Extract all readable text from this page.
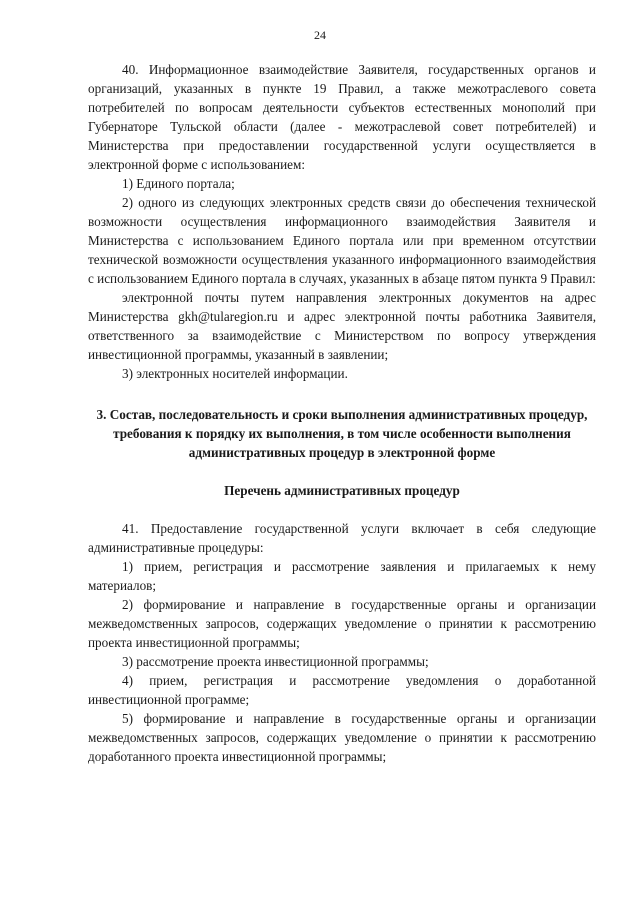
24

40. Информационное взаимодействие Заявителя, государственных органов и организаций, указанных в пункте 19 Правил, а также межотраслевого совета потребителей по вопросам деятельности субъектов естественных монополий при Губернаторе Тульской области (далее - межотраслевой совет потребителей) и Министерства при предоставлении государственной услуги осуществляется в электронной форме с использованием:

1) Единого портала;

2) одного из следующих электронных средств связи до обеспечения технической возможности осуществления информационного взаимодействия Заявителя и Министерства с использованием Единого портала или при временном отсутствии технической возможности осуществления указанного информационного взаимодействия с использованием Единого портала в случаях, указанных в абзаце пятом пункта 9 Правил:

электронной почты путем направления электронных документов на адрес Министерства gkh@tularegion.ru и адрес электронной почты работника Заявителя, ответственного за взаимодействие с Министерством по вопросу утверждения инвестиционной программы, указанный в заявлении;

3) электронных носителей информации.

3. Состав, последовательность и сроки выполнения административных процедур, требования к порядку их выполнения, в том числе особенности выполнения административных процедур в электронной форме

Перечень административных процедур

41. Предоставление государственной услуги включает в себя следующие административные процедуры:

1) прием, регистрация и рассмотрение заявления и прилагаемых к нему материалов;

2) формирование и направление в государственные органы и организации межведомственных запросов, содержащих уведомление о принятии к рассмотрению проекта инвестиционной программы;

3) рассмотрение проекта инвестиционной программы;

4) прием, регистрация и рассмотрение уведомления о доработанной инвестиционной программе;

5) формирование и направление в государственные органы и организации межведомственных запросов, содержащих уведомление о принятии к рассмотрению доработанного проекта инвестиционной программы;
